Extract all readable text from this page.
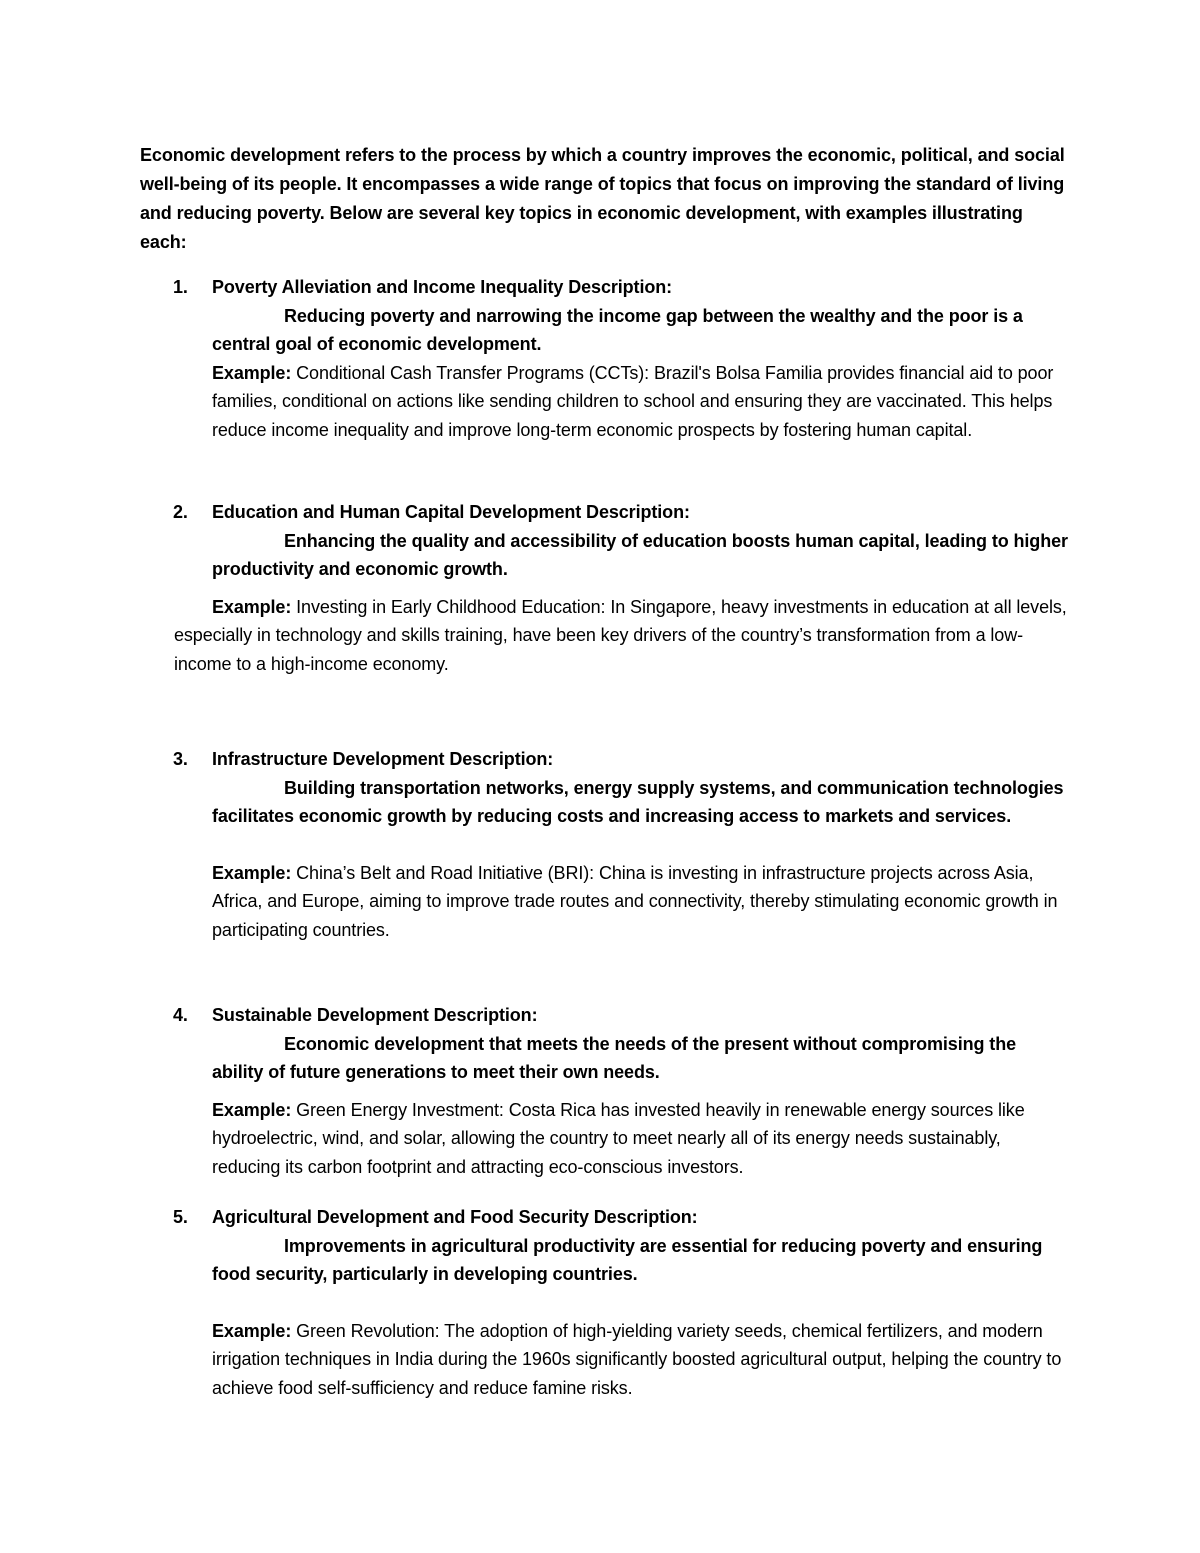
Economic development refers to the process by which a country improves the economic, political, and social well-being of its people. It encompasses a wide range of topics that focus on improving the standard of living and reducing poverty. Below are several key topics in economic development, with examples illustrating each:

1. Poverty Alleviation and Income Inequality Description:
Reducing poverty and narrowing the income gap between the wealthy and the poor is a central goal of economic development.
Example: Conditional Cash Transfer Programs (CCTs): Brazil's Bolsa Familia provides financial aid to poor families, conditional on actions like sending children to school and ensuring they are vaccinated. This helps reduce income inequality and improve long-term economic prospects by fostering human capital.
2. Education and Human Capital Development Description:
Enhancing the quality and accessibility of education boosts human capital, leading to higher productivity and economic growth.
Example: Investing in Early Childhood Education: In Singapore, heavy investments in education at all levels, especially in technology and skills training, have been key drivers of the country’s transformation from a low-income to a high-income economy.
3. Infrastructure Development Description:
Building transportation networks, energy supply systems, and communication technologies facilitates economic growth by reducing costs and increasing access to markets and services.
Example: China’s Belt and Road Initiative (BRI): China is investing in infrastructure projects across Asia, Africa, and Europe, aiming to improve trade routes and connectivity, thereby stimulating economic growth in participating countries.
4. Sustainable Development Description:
Economic development that meets the needs of the present without compromising the ability of future generations to meet their own needs.
Example: Green Energy Investment: Costa Rica has invested heavily in renewable energy sources like hydroelectric, wind, and solar, allowing the country to meet nearly all of its energy needs sustainably, reducing its carbon footprint and attracting eco-conscious investors.
5. Agricultural Development and Food Security Description:
Improvements in agricultural productivity are essential for reducing poverty and ensuring food security, particularly in developing countries.
Example: Green Revolution: The adoption of high-yielding variety seeds, chemical fertilizers, and modern irrigation techniques in India during the 1960s significantly boosted agricultural output, helping the country to achieve food self-sufficiency and reduce famine risks.
